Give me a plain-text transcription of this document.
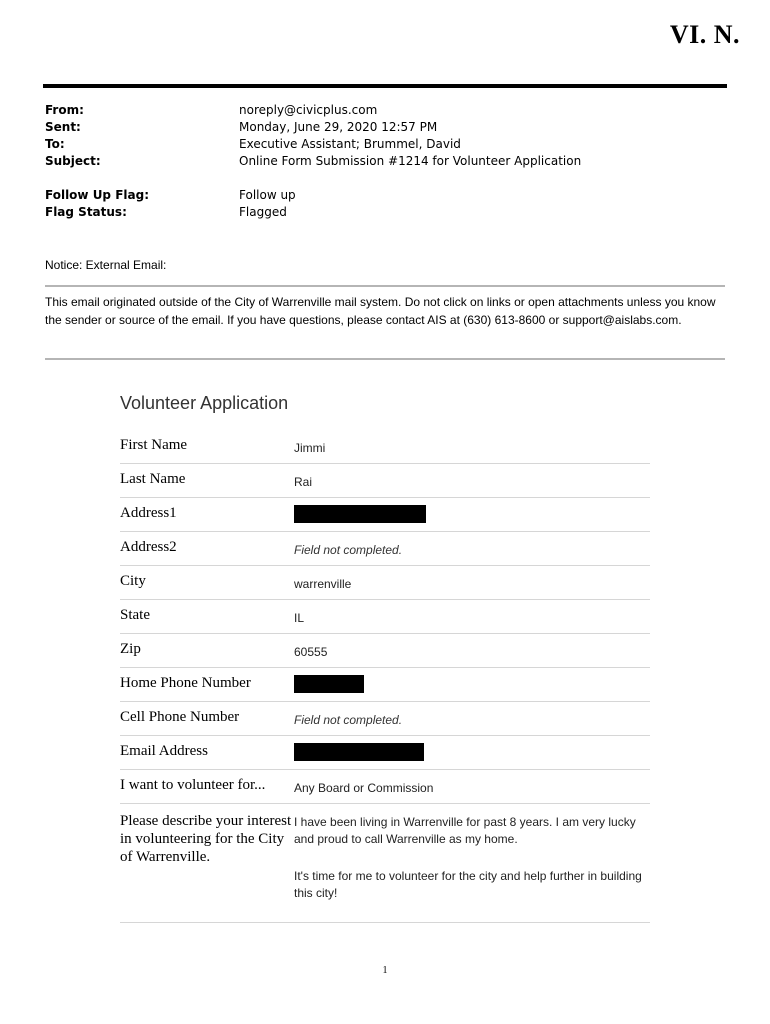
VI. N.
From:	noreply@civicplus.com
Sent:	Monday, June 29, 2020 12:57 PM
To:	Executive Assistant; Brummel, David
Subject:	Online Form Submission #1214 for Volunteer Application
Follow Up Flag:	Follow up
Flag Status:	Flagged
Notice: External Email:
This email originated outside of the City of Warrenville mail system. Do not click on links or open attachments unless you know the sender or source of the email. If you have questions, please contact AIS at (630) 613-8600 or support@aislabs.com.
Volunteer Application
First Name	Jimmi
Last Name	Rai
Address1
Address2	Field not completed.
City	warrenville
State	IL
Zip	60555
Home Phone Number
Cell Phone Number	Field not completed.
Email Address
I want to volunteer for...	Any Board or Commission
Please describe your interest in volunteering for the City of Warrenville.

I have been living in Warrenville for past 8 years. I am very lucky and proud to call Warrenville as my home.

It's time for me to volunteer for the city and help further in building this city!

1
